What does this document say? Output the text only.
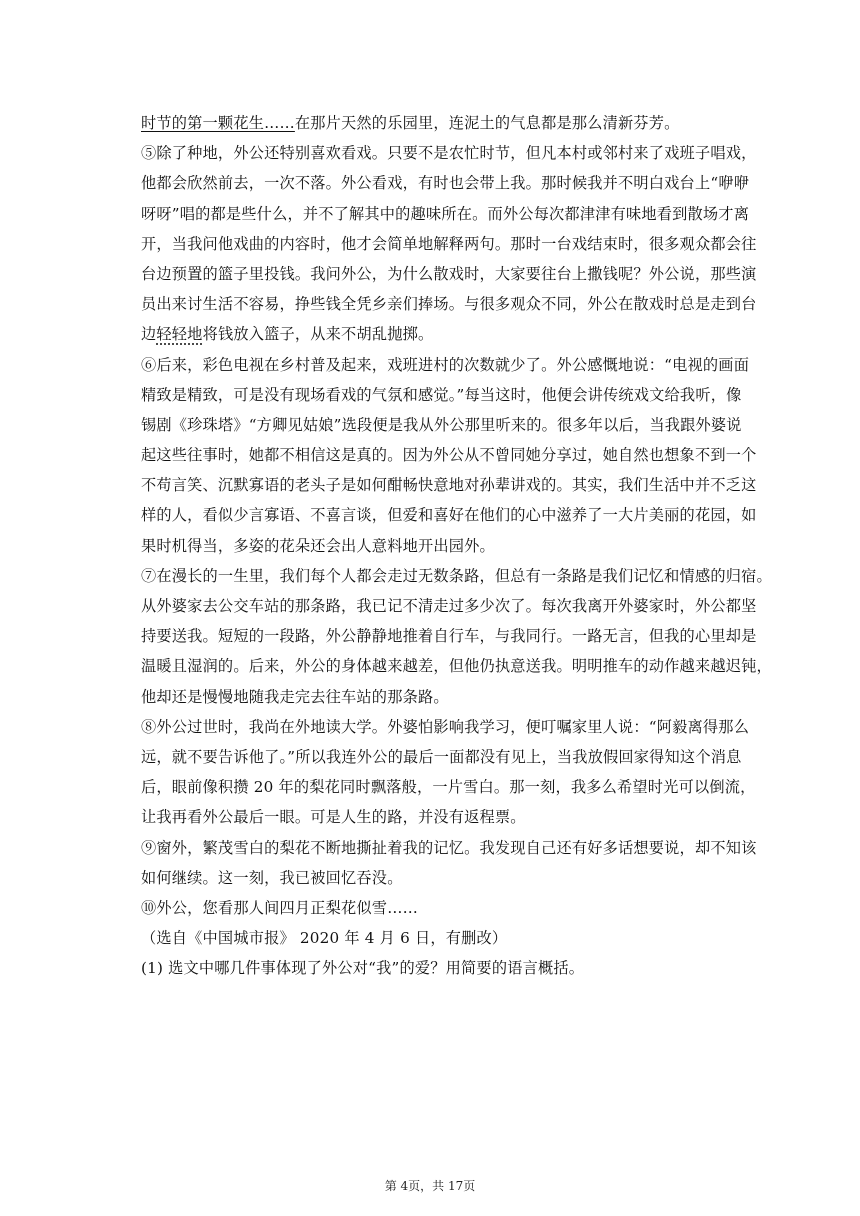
时节的第一颗花生……在那片天然的乐园里，连泥土的气息都是那么清新芬芳。
⑤除了种地，外公还特别喜欢看戏。只要不是农忙时节，但凡本村或邻村来了戏班子唱戏，
他都会欣然前去，一次不落。外公看戏，有时也会带上我。那时候我并不明白戏台上“咿咿
呀呀”唱的都是些什么，并不了解其中的趣味所在。而外公每次都津津有味地看到散场才离
开，当我问他戏曲的内容时，他才会简单地解释两句。那时一台戏结束时，很多观众都会往
台边预置的篮子里投钱。我问外公，为什么散戏时，大家要往台上撒钱呢？外公说，那些演
员出来讨生活不容易，挣些钱全凭乡亲们捧场。与很多观众不同，外公在散戏时总是走到台
边轻轻地将钱放入篮子，从来不胡乱抛掷。
⑥后来，彩色电视在乡村普及起来，戏班进村的次数就少了。外公感慨地说：“电视的画面
精致是精致，可是没有现场看戏的气氛和感觉。”每当这时，他便会讲传统戏文给我听，像
锡剧《珍珠塔》“方卿见姑娘”选段便是我从外公那里听来的。很多年以后，当我跟外婆说
起这些往事时，她都不相信这是真的。因为外公从不曾同她分享过，她自然也想象不到一个
不苟言笑、沉默寡语的老头子是如何酣畅快意地对孙辈讲戏的。其实，我们生活中并不乏这
样的人，看似少言寡语、不喜言谈，但爱和喜好在他们的心中滋养了一大片美丽的花园，如
果时机得当，多姿的花朵还会出人意料地开出园外。
⑦在漫长的一生里，我们每个人都会走过无数条路，但总有一条路是我们记忆和情感的归宿。
从外婆家去公交车站的那条路，我已记不清走过多少次了。每次我离开外婆家时，外公都坚
持要送我。短短的一段路，外公静静地推着自行车，与我同行。一路无言，但我的心里却是
温暖且湿润的。后来，外公的身体越来越差，但他仍执意送我。明明推车的动作越来越迟钝，
他却还是慢慢地随我走完去往车站的那条路。
⑧外公过世时，我尚在外地读大学。外婆怕影响我学习，便叮嘱家里人说：“阿毅离得那么
远，就不要告诉他了。”所以我连外公的最后一面都没有见上，当我放假回家得知这个消息
后，眼前像积攒 20 年的梨花同时飘落般，一片雪白。那一刻，我多么希望时光可以倒流，
让我再看外公最后一眼。可是人生的路，并没有返程票。
⑨窗外，繁茂雪白的梨花不断地撕扯着我的记忆。我发现自己还有好多话想要说，却不知该
如何继续。这一刻，我已被回忆吞没。
⑩外公，您看那人间四月正梨花似雪……
（选自《中国城市报》 2020 年 4 月 6 日，有删改）
(1) 选文中哪几件事体现了外公对“我”的爱？用简要的语言概括。
第 4页，共 17页
